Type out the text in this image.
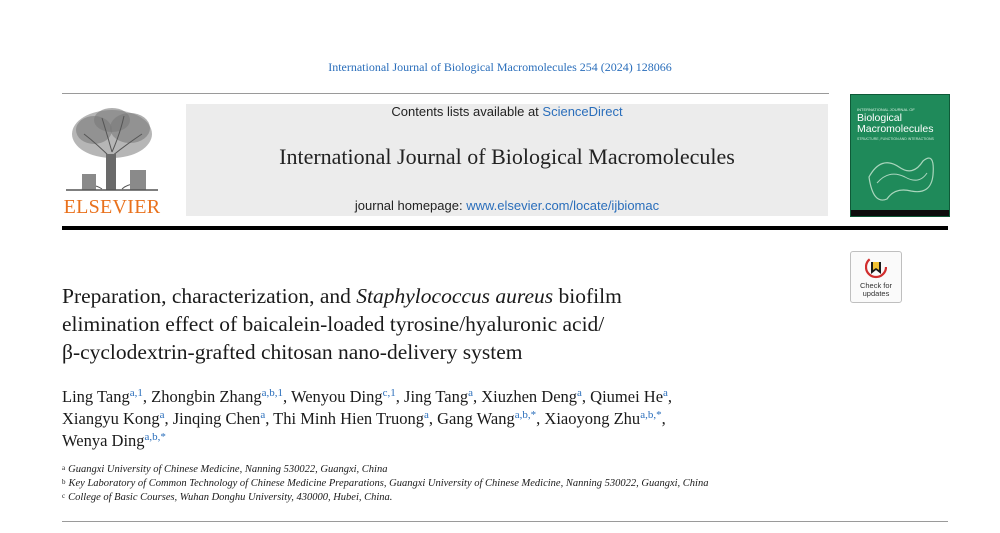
International Journal of Biological Macromolecules 254 (2024) 128066
ELSEVIER
Contents lists available at ScienceDirect
International Journal of Biological Macromolecules
journal homepage: www.elsevier.com/locate/ijbiomac
INTERNATIONAL JOURNAL OF
Biological
Macromolecules
STRUCTURE, FUNCTION AND INTERACTIONS
Check for
updates
Preparation, characterization, and Staphylococcus aureus biofilm
elimination effect of baicalein-loaded tyrosine/hyaluronic acid/
β-cyclodextrin-grafted chitosan nano-delivery system
Ling Tang$^{a,1}$, Zhongbin Zhang$^{a,b,1}$, Wenyou Ding$^{c,1}$, Jing Tang$^a$, Xiuzhen Deng$^a$, Qiumei He$^a$,
Xiangyu Kong$^a$, Jinqing Chen$^a$, Thi Minh Hien Truong$^a$, Gang Wang$^{a,b,*}$, Xiaoyong Zhu$^{a,b,*}$,
Wenya Ding$^{a,b,*}$
$^a$ Guangxi University of Chinese Medicine, Nanning 530022, Guangxi, China
$^b$ Key Laboratory of Common Technology of Chinese Medicine Preparations, Guangxi University of Chinese Medicine, Nanning 530022, Guangxi, China
$^c$ College of Basic Courses, Wuhan Donghu University, 430000, Hubei, China.
